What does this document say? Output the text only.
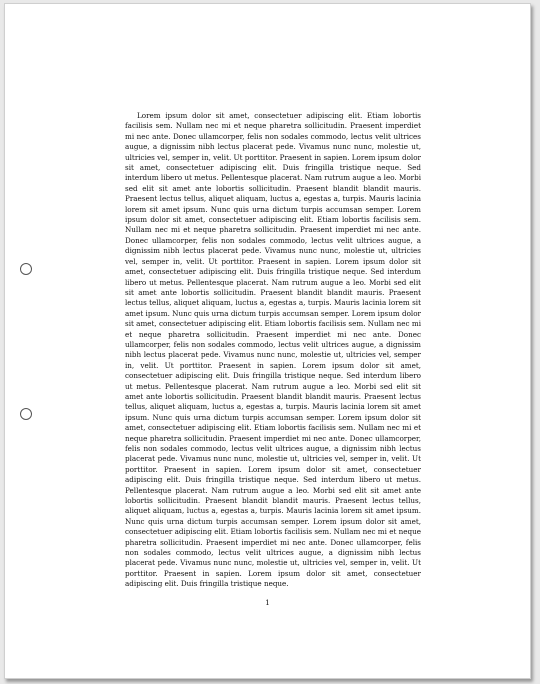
Lorem ipsum dolor sit amet, consectetuer adipiscing elit. Etiam lobortis facilisis sem. Nullam nec mi et neque pharetra sollicitudin. Praesent imperdiet mi nec ante. Donec ullamcorper, felis non sodales commodo, lectus velit ultrices augue, a dignissim nibh lectus placerat pede. Vivamus nunc nunc, molestie ut, ultricies vel, semper in, velit. Ut porttitor. Praesent in sapien. Lorem ipsum dolor sit amet, consectetuer adipiscing elit. Duis fringilla tristique neque. Sed interdum libero ut metus. Pellentesque placerat. Nam rutrum augue a leo. Morbi sed elit sit amet ante lobortis sollicitudin. Praesent blandit blandit mauris. Praesent lectus tellus, aliquet aliquam, luctus a, egestas a, turpis. Mauris lacinia lorem sit amet ipsum. Nunc quis urna dictum turpis accumsan semper. Lorem ipsum dolor sit amet, consectetuer adipiscing elit. Etiam lobortis facilisis sem. Nullam nec mi et neque pharetra sollicitudin. Praesent imperdiet mi nec ante. Donec ullamcorper, felis non sodales commodo, lectus velit ultrices augue, a dignissim nibh lectus placerat pede. Vivamus nunc nunc, molestie ut, ultricies vel, semper in, velit. Ut porttitor. Praesent in sapien. Lorem ipsum dolor sit amet, consectetuer adipiscing elit. Duis fringilla tristique neque. Sed interdum libero ut metus. Pellentesque placerat. Nam rutrum augue a leo. Morbi sed elit sit amet ante lobortis sollicitudin. Praesent blandit blandit mauris. Praesent lectus tellus, aliquet aliquam, luctus a, egestas a, turpis. Mauris lacinia lorem sit amet ipsum. Nunc quis urna dictum turpis accumsan semper. Lorem ipsum dolor sit amet, consectetuer adipiscing elit. Etiam lobortis facilisis sem. Nullam nec mi et neque pharetra sollicitudin. Praesent imperdiet mi nec ante. Donec ullamcorper, felis non sodales commodo, lectus velit ultrices augue, a dignissim nibh lectus placerat pede. Vivamus nunc nunc, molestie ut, ultricies vel, semper in, velit. Ut porttitor. Praesent in sapien. Lorem ipsum dolor sit amet, consectetuer adipiscing elit. Duis fringilla tristique neque. Sed interdum libero ut metus. Pellentesque placerat. Nam rutrum augue a leo. Morbi sed elit sit amet ante lobortis sollicitudin. Praesent blandit blandit mauris. Praesent lectus tellus, aliquet aliquam, luctus a, egestas a, turpis. Mauris lacinia lorem sit amet ipsum. Nunc quis urna dictum turpis accumsan semper. Lorem ipsum dolor sit amet, consectetuer adipiscing elit. Etiam lobortis facilisis sem. Nullam nec mi et neque pharetra sollicitudin. Praesent imperdiet mi nec ante. Donec ullamcorper, felis non sodales commodo, lectus velit ultrices augue, a dignissim nibh lectus placerat pede. Vivamus nunc nunc, molestie ut, ultricies vel, semper in, velit. Ut porttitor. Praesent in sapien. Lorem ipsum dolor sit amet, consectetuer adipiscing elit. Duis fringilla tristique neque. Sed interdum libero ut metus. Pellentesque placerat. Nam rutrum augue a leo. Morbi sed elit sit amet ante lobortis sollicitudin. Praesent blandit blandit mauris. Praesent lectus tellus, aliquet aliquam, luctus a, egestas a, turpis. Mauris lacinia lorem sit amet ipsum. Nunc quis urna dictum turpis accumsan semper. Lorem ipsum dolor sit amet, consectetuer adipiscing elit. Etiam lobortis facilisis sem. Nullam nec mi et neque pharetra sollicitudin. Praesent imperdiet mi nec ante. Donec ullamcorper, felis non sodales commodo, lectus velit ultrices augue, a dignissim nibh lectus placerat pede. Vivamus nunc nunc, molestie ut, ultricies vel, semper in, velit. Ut porttitor. Praesent in sapien. Lorem ipsum dolor sit amet, consectetuer adipiscing elit. Duis fringilla tristique neque.

1
